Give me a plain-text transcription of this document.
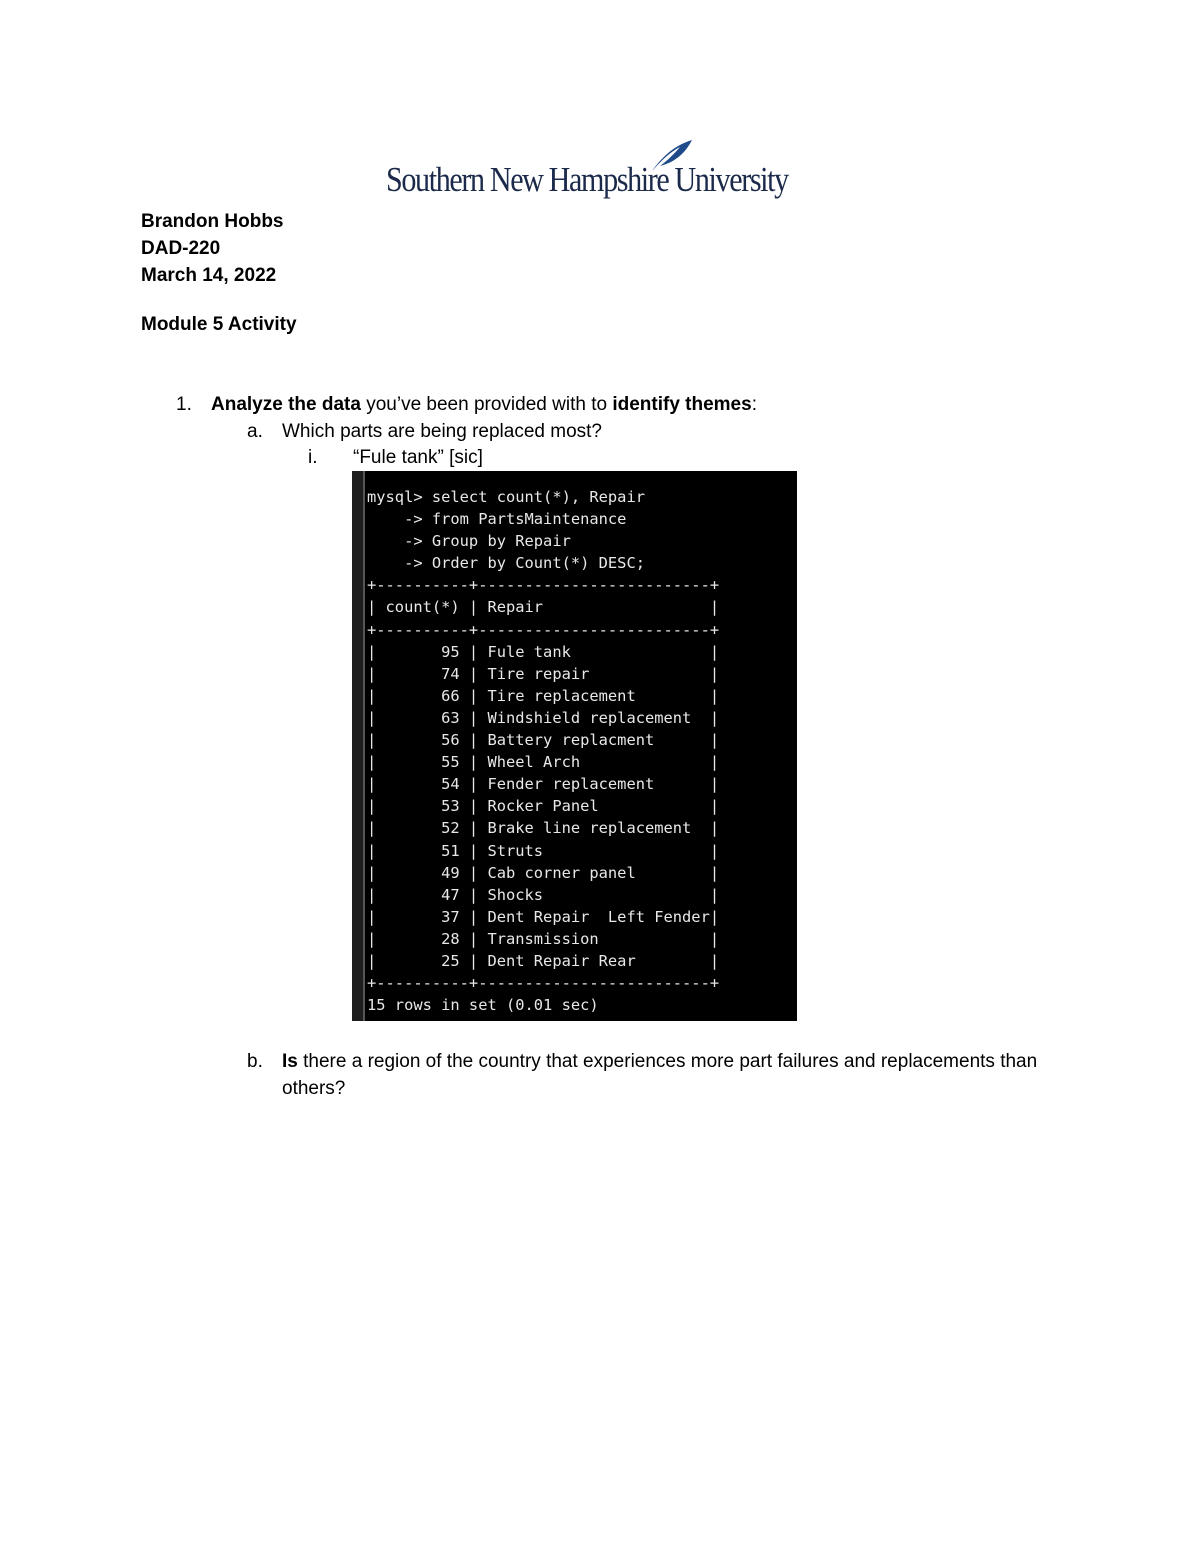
Southern New Hampshire University
Brandon Hobbs
DAD-220
March 14, 2022
Module 5 Activity
1. Analyze the data you’ve been provided with to identify themes:
a. Which parts are being replaced most?
i. “Fule tank” [sic]
mysql> select count(*), Repair
-> from PartsMaintenance
-> Group by Repair
-> Order by Count(*) DESC;
+----------+-------------------------+
| count(*) | Repair                  |
+----------+-------------------------+
|       95 | Fule tank               |
|       74 | Tire repair             |
|       66 | Tire replacement        |
|       63 | Windshield replacement  |
|       56 | Battery replacment      |
|       55 | Wheel Arch              |
|       54 | Fender replacement      |
|       53 | Rocker Panel            |
|       52 | Brake line replacement  |
|       51 | Struts                  |
|       49 | Cab corner panel        |
|       47 | Shocks                  |
|       37 | Dent Repair  Left Fender|
|       28 | Transmission            |
|       25 | Dent Repair Rear        |
+----------+-------------------------+
15 rows in set (0.01 sec)
b. Is there a region of the country that experiences more part failures and replacements than others?
